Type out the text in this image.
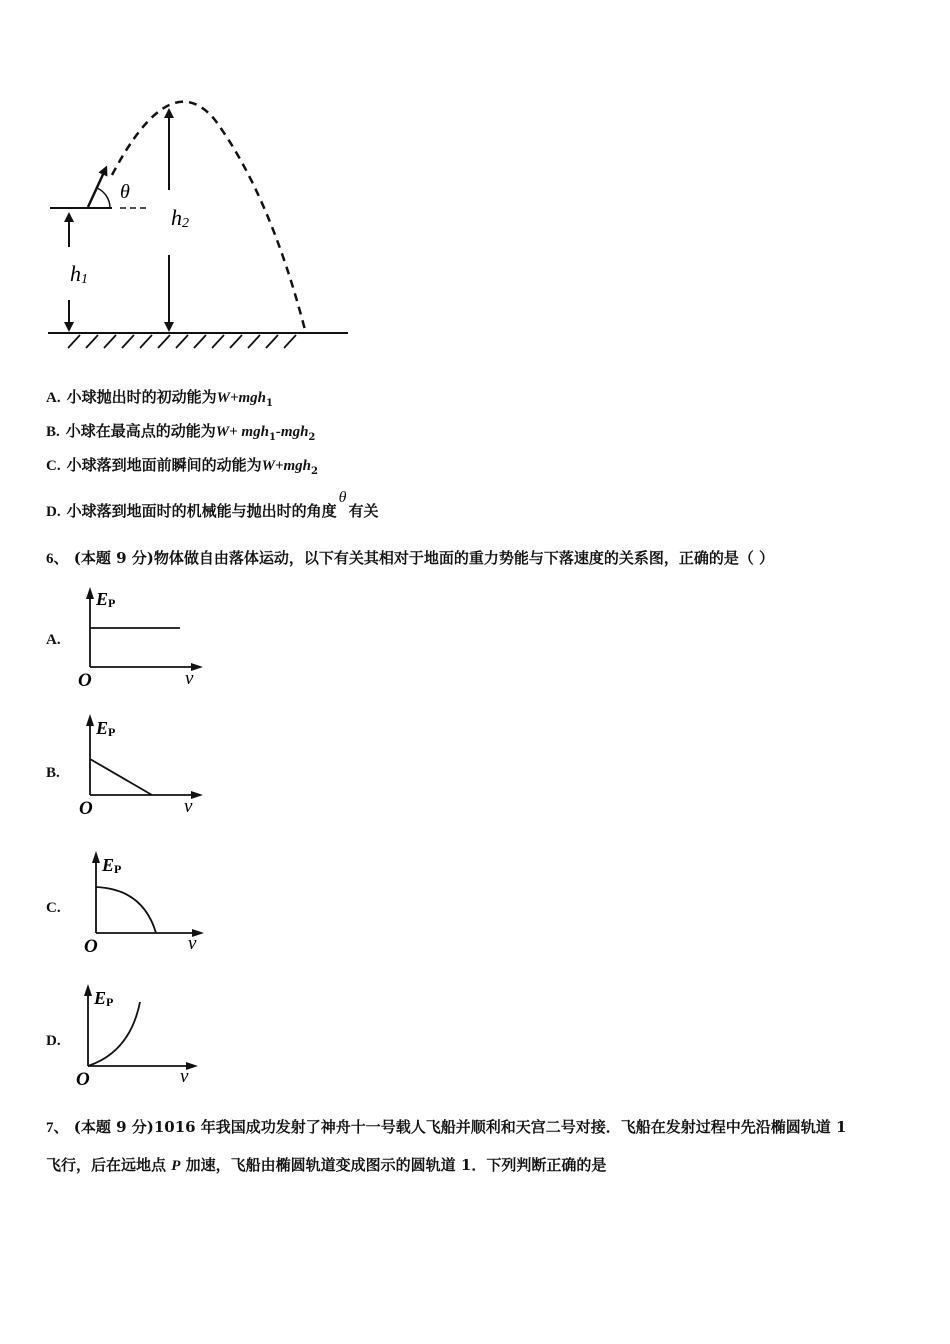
θ
h1
h2
A. 小球抛出时的初动能为W+mgh$_1$
B. 小球在最高点的动能为W+ mgh$_1$-mgh$_2$
C. 小球落到地面前瞬间的动能为W+mgh$_2$
D. 小球落到地面时的机械能与抛出时的角度θ有关
6、 (本题 9 分)物体做自由落体运动，以下有关其相对于地面的重力势能与下落速度的关系图，正确的是（ ）
A.
EP
O	v
B.
EP
O	v
C.
EP
O	v
D.
EP
O	v
7、 (本题 9 分)1016 年我国成功发射了神舟十一号载人飞船并顺利和天宫二号对接．飞船在发射过程中先沿椭圆轨道 1
飞行，后在远地点 P 加速，飞船由椭圆轨道变成图示的圆轨道 1．下列判断正确的是
